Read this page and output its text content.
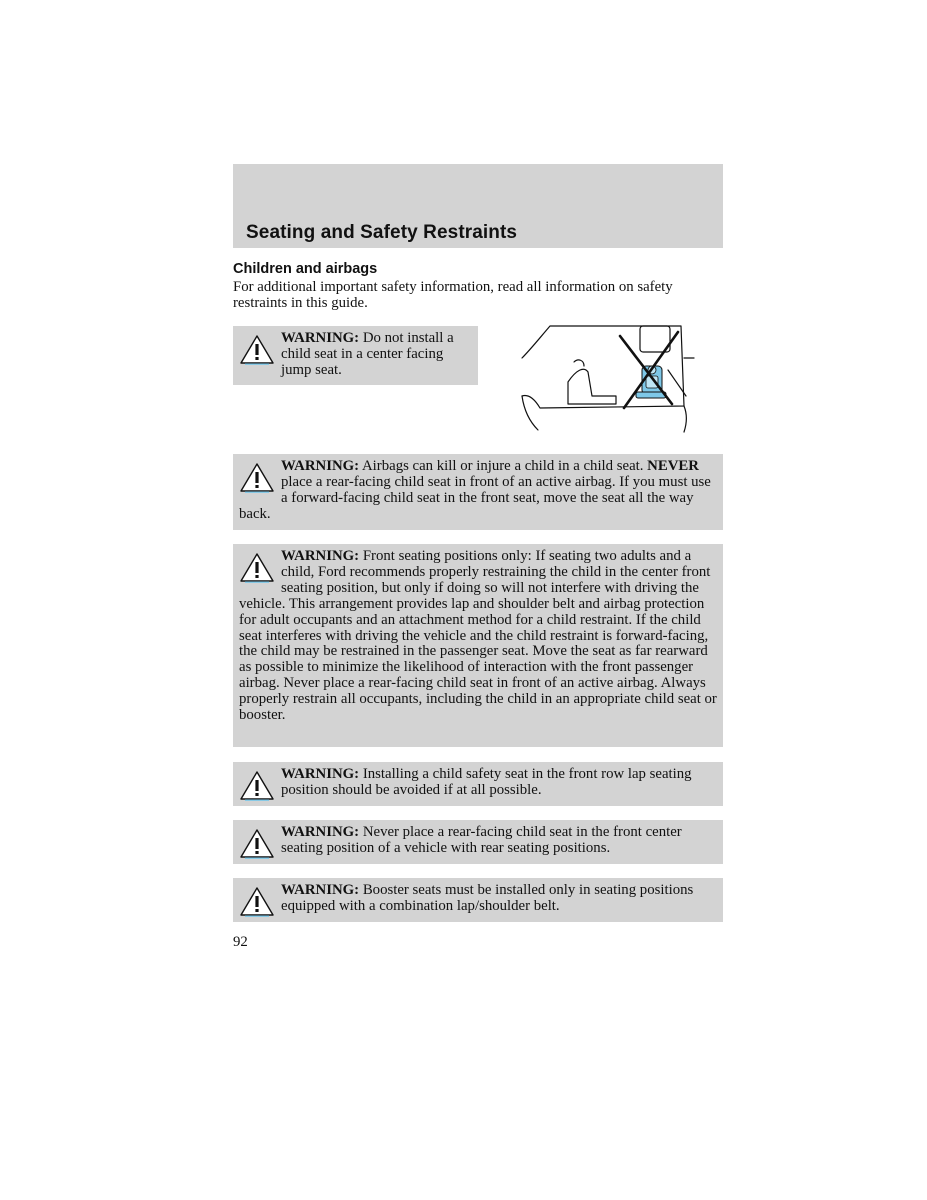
Seating and Safety Restraints
Children and airbags

For additional important safety information, read all information on safety restraints in this guide.

WARNING: Do not install a child seat in a center facing jump seat.

WARNING: Airbags can kill or injure a child in a child seat. NEVER place a rear-facing child seat in front of an active airbag. If you must use a forward-facing child seat in the front seat, move the seat all the way back.

WARNING: Front seating positions only: If seating two adults and a child, Ford recommends properly restraining the child in the center front seating position, but only if doing so will not interfere with driving the vehicle. This arrangement provides lap and shoulder belt and airbag protection for adult occupants and an attachment method for a child restraint. If the child seat interferes with driving the vehicle and the child restraint is forward-facing, the child may be restrained in the passenger seat. Move the seat as far rearward as possible to minimize the likelihood of interaction with the front passenger airbag. Never place a rear-facing child seat in front of an active airbag. Always properly restrain all occupants, including the child in an appropriate child seat or booster.

WARNING: Installing a child safety seat in the front row lap seating position should be avoided if at all possible.

WARNING: Never place a rear-facing child seat in the front center seating position of a vehicle with rear seating positions.

WARNING: Booster seats must be installed only in seating positions equipped with a combination lap/shoulder belt.

92
